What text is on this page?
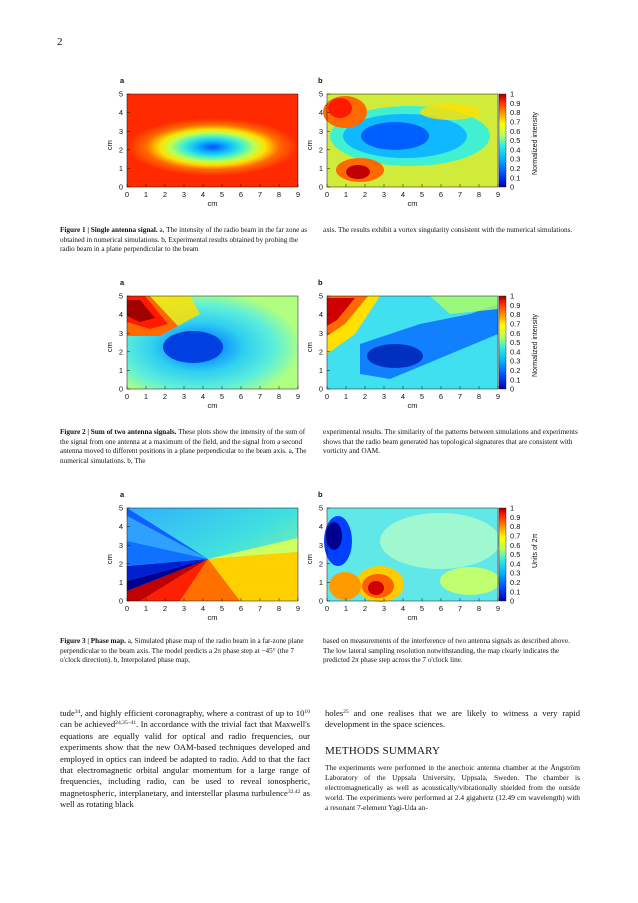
2
a	b
0
1
2
3
4
5
0 1 2 3 4 5 6 7 8 9
cm
cm
0
1
2
3
4
5
0 1 2 3 4 5 6 7 8 9
cm
cm
0
0.1
0.2
0.3
0.4
0.5
0.6
0.7
0.8
0.9
1
Normalized intensity
Figure 1 | Single antenna signal. a, The intensity of the radio beam in the far zone as obtained in numerical simulations. b, Experimental results obtained by probing the radio beam in a plane perpendicular to the beam
axis. The results exhibit a vortex singularity consistent with the numerical simulations.
a	b
0
1
2
3
4
5
0 1 2 3 4 5 6 7 8 9
cm
cm
0
1
2
3
4
5
0 1 2 3 4 5 6 7 8 9
cm
cm
0
0.1
0.2
0.3
0.4
0.5
0.6
0.7
0.8
0.9
1
Normalized intensity
Figure 2 | Sum of two antenna signals. These plots show the intensity of the sum of the signal from one antenna at a maximum of the field, and the signal from a second antenna moved to different positions in a plane perpendicular to the beam axis. a, The numerical simulations. b, The
experimental results. The similarity of the patterns between simulations and experiments shows that the radio beam generated has topological signatures that are consistent with vorticity and OAM.
a	b
0
1
2
3
4
5
0 1 2 3 4 5 6 7 8 9
cm
cm
0
1
2
3
4
5
0 1 2 3 4 5 6 7 8 9
cm
cm
0
0.1
0.2
0.3
0.4
0.5
0.6
0.7
0.8
0.9
1
Units of 2π
Figure 3 | Phase map. a, Simulated phase map of the radio beam in a far-zone plane perpendicular to the beam axis. The model predicts a 2π phase step at −45° (the 7 o'clock direction). b, Interpolated phase map,
based on measurements of the interference of two antenna signals as described above. The low lateral sampling resolution notwithstanding, the map clearly indicates the predicted 2π phase step across the 7 o'clock line.
tude$^{34}$, and highly efficient coronagraphy, where a contrast of up to $10^{10}$ can be achieved$^{24,35-41}$. In accordance with the trivial fact that Maxwell's equations are equally valid for optical and radio frequencies, our experiments show that the new OAM-based techniques developed and employed in optics can indeed be adapted to radio. Add to that the fact that electromagnetic orbital angular momentum for a large range of frequencies, including radio, can be used to reveal ionospheric, magnetospheric, interplanetary, and interstellar plasma turbulence$^{32,42}$ as well as rotating black
holes$^{25}$ and one realises that we are likely to witness a very rapid development in the space sciences.
METHODS SUMMARY
The experiments were performed in the anechoic antenna chamber at the Ångström Laboratory of the Uppsala University, Uppsala, Sweden. The chamber is electromagnetically as well as acoustically/vibrationally shielded from the outside world. The experiments were performed at 2.4 gigahertz (12.49 cm wavelength) with a resonant 7-element Yagi-Uda an-
